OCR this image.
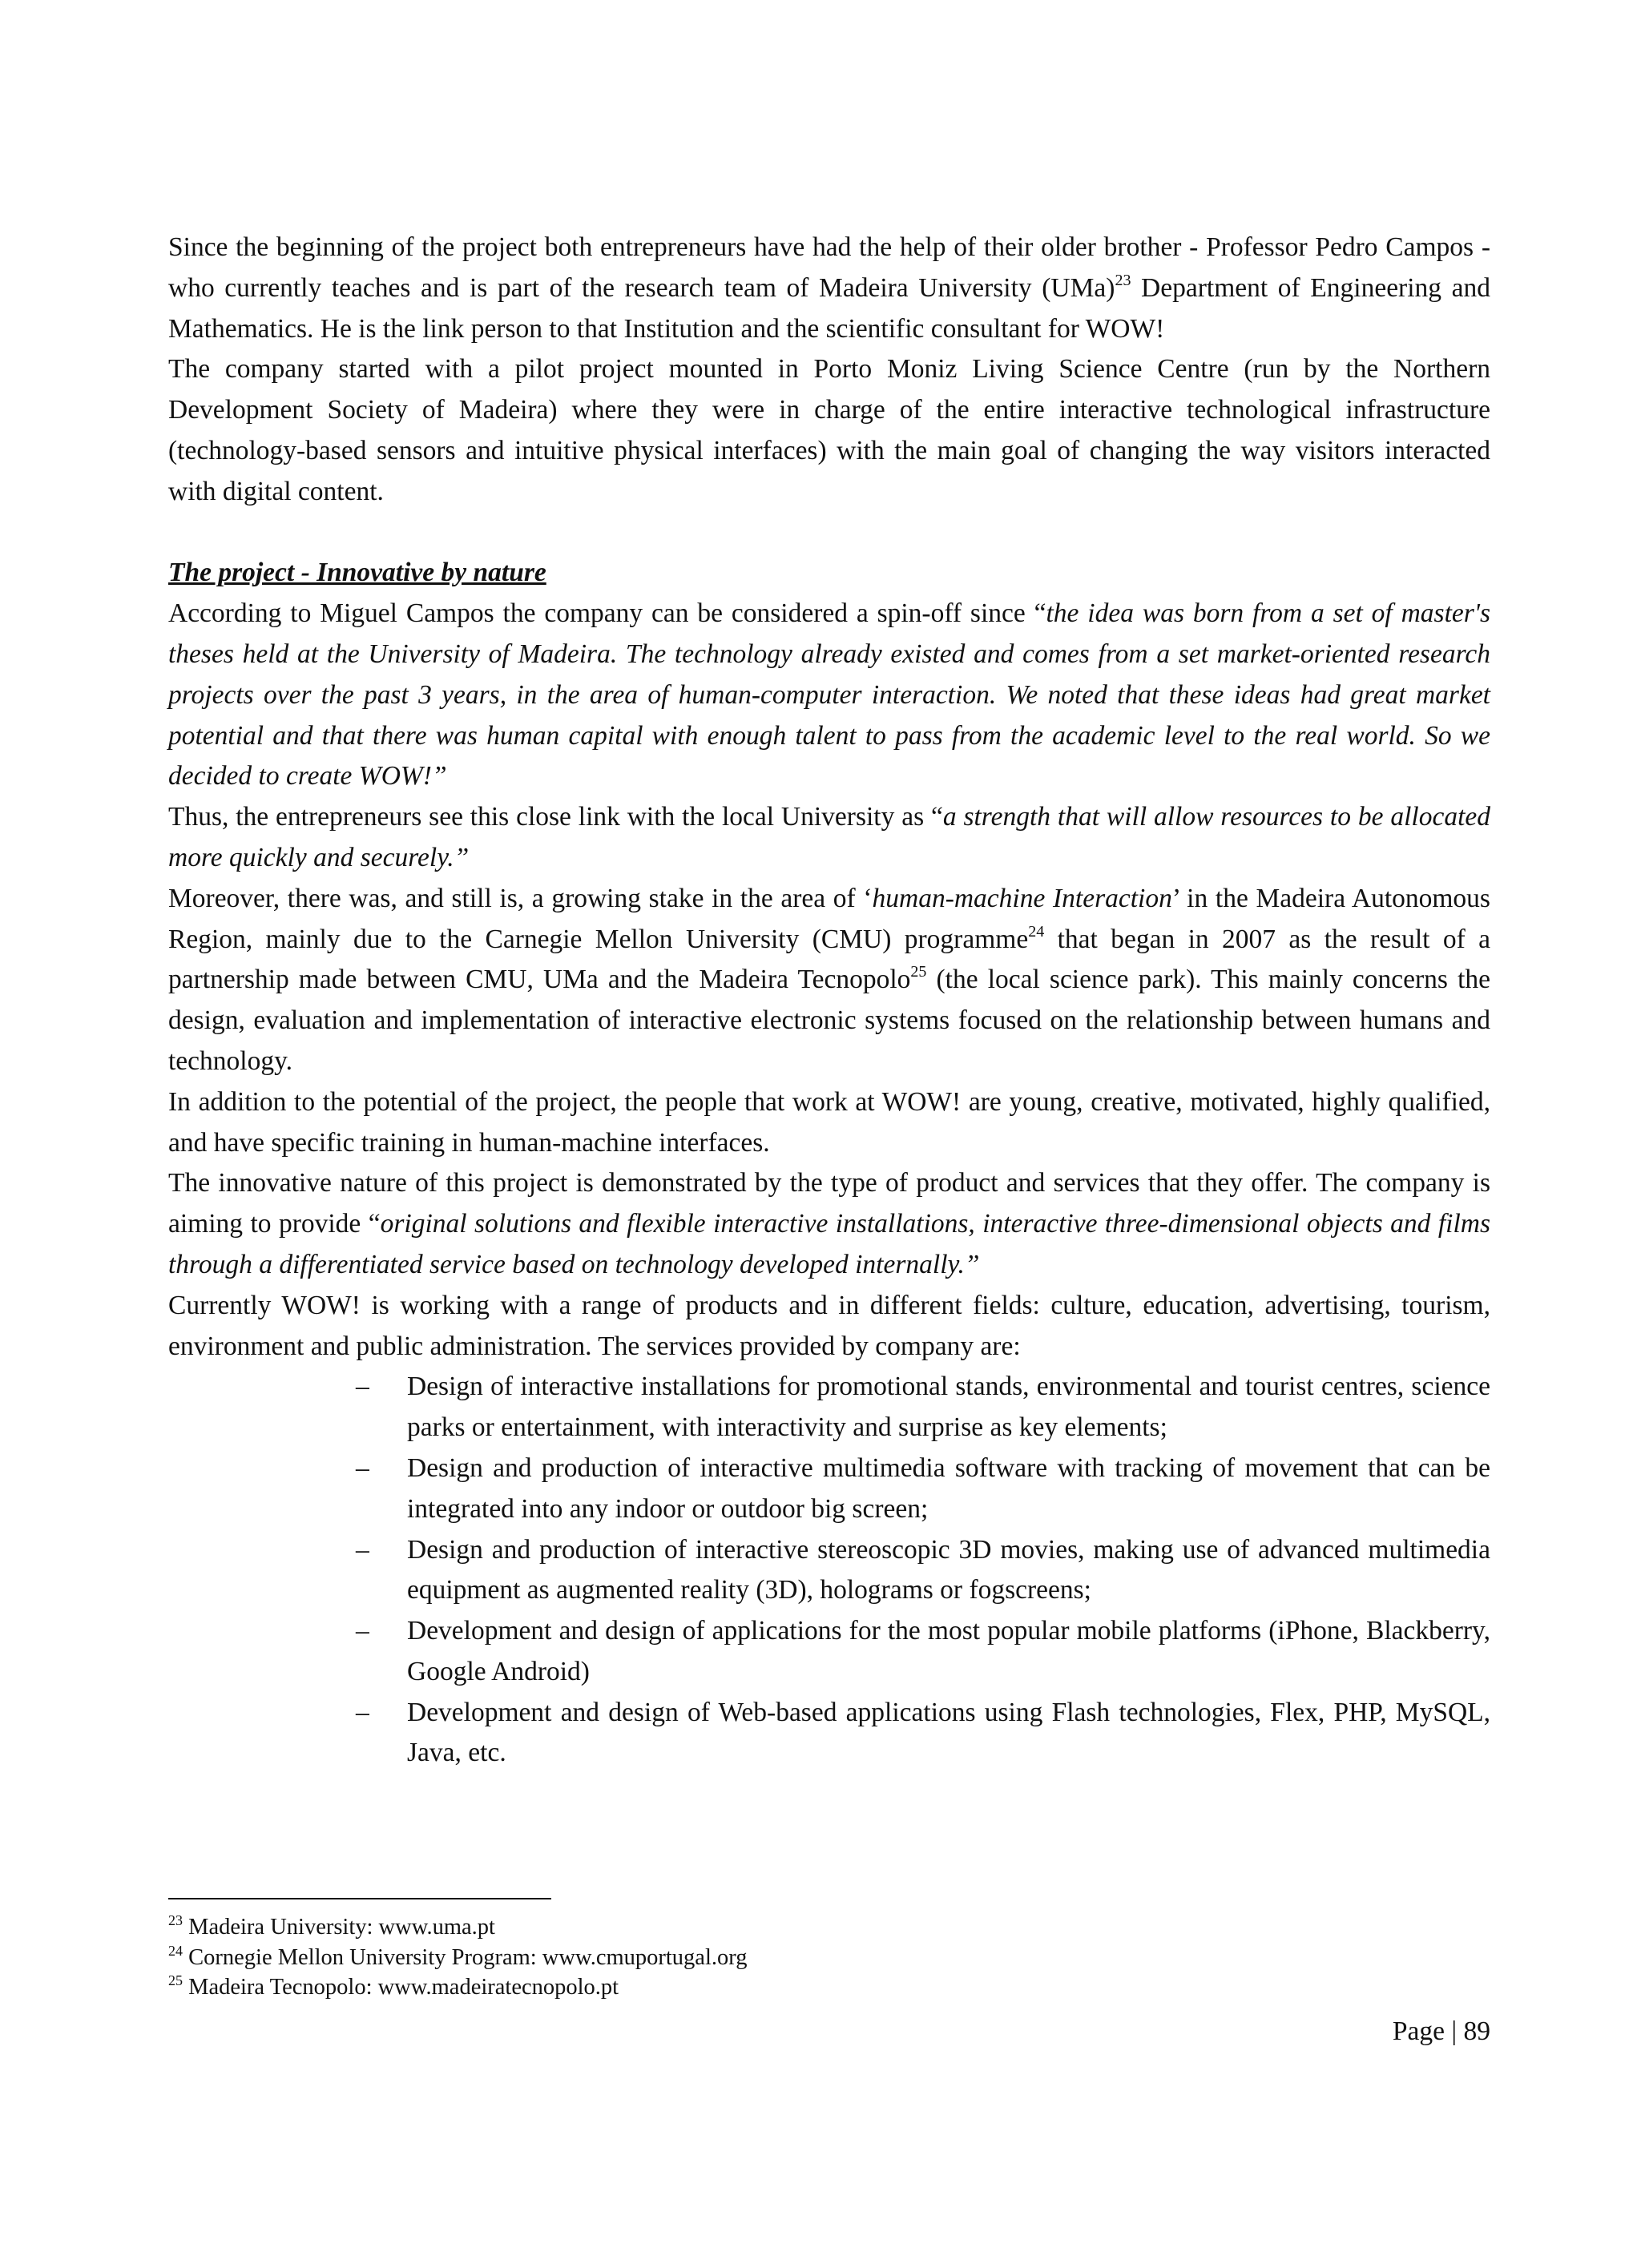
Since the beginning of the project both entrepreneurs have had the help of their older brother - Professor Pedro Campos - who currently teaches and is part of the research team of Madeira University (UMa)$^{23}$ Department of Engineering and Mathematics. He is the link person to that Institution and the scientific consultant for WOW!

The company started with a pilot project mounted in Porto Moniz Living Science Centre (run by the Northern Development Society of Madeira) where they were in charge of the entire interactive technological infrastructure (technology-based sensors and intuitive physical interfaces) with the main goal of changing the way visitors interacted with digital content.

The project - Innovative by nature

According to Miguel Campos the company can be considered a spin-off since “the idea was born from a set of master's theses held at the University of Madeira. The technology already existed and comes from a set market-oriented research projects over the past 3 years, in the area of human-computer interaction. We noted that these ideas had great market potential and that there was human capital with enough talent to pass from the academic level to the real world. So we decided to create WOW!”

Thus, the entrepreneurs see this close link with the local University as “a strength that will allow resources to be allocated more quickly and securely.”

Moreover, there was, and still is, a growing stake in the area of ‘human-machine Interaction’ in the Madeira Autonomous Region, mainly due to the Carnegie Mellon University (CMU) programme$^{24}$ that began in 2007 as the result of a partnership made between CMU, UMa and the Madeira Tecnopolo$^{25}$ (the local science park). This mainly concerns the design, evaluation and implementation of interactive electronic systems focused on the relationship between humans and technology.

In addition to the potential of the project, the people that work at WOW! are young, creative, motivated, highly qualified, and have specific training in human-machine interfaces.

The innovative nature of this project is demonstrated by the type of product and services that they offer. The company is aiming to provide “original solutions and flexible interactive installations, interactive three-dimensional objects and films through a differentiated service based on technology developed internally.”

Currently WOW! is working with a range of products and in different fields: culture, education, advertising, tourism, environment and public administration. The services provided by company are:

– Design of interactive installations for promotional stands, environmental and tourist centres, science parks or entertainment, with interactivity and surprise as key elements;
– Design and production of interactive multimedia software with tracking of movement that can be integrated into any indoor or outdoor big screen;
– Design and production of interactive stereoscopic 3D movies, making use of advanced multimedia equipment as augmented reality (3D), holograms or fogscreens;
– Development and design of applications for the most popular mobile platforms (iPhone, Blackberry, Google Android)
– Development and design of Web-based applications using Flash technologies, Flex, PHP, MySQL, Java, etc.

$^{23}$ Madeira University: www.uma.pt

$^{24}$ Cornegie Mellon University Program: www.cmuportugal.org

$^{25}$ Madeira Tecnopolo: www.madeiratecnopolo.pt

Page | 89
